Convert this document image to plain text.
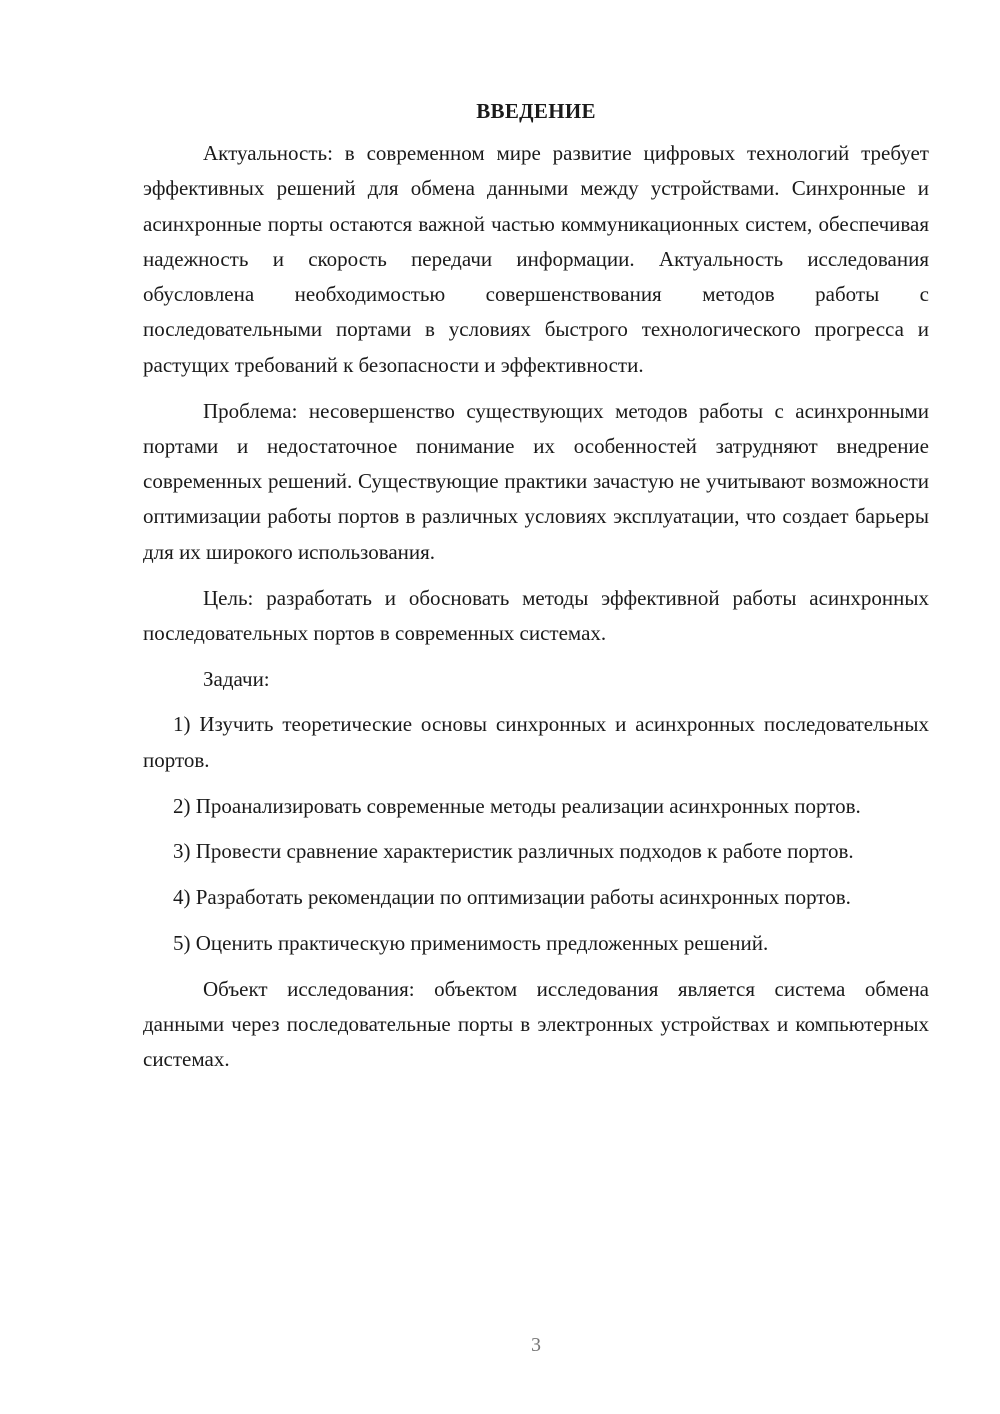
ВВЕДЕНИЕ

Актуальность: в современном мире развитие цифровых технологий требует эффективных решений для обмена данными между устройствами. Синхронные и асинхронные порты остаются важной частью коммуникационных систем, обеспечивая надежность и скорость передачи информации. Актуальность исследования обусловлена необходимостью совершенствования методов работы с последовательными портами в условиях быстрого технологического прогресса и растущих требований к безопасности и эффективности.

Проблема: несовершенство существующих методов работы с асинхронными портами и недостаточное понимание их особенностей затрудняют внедрение современных решений. Существующие практики зачастую не учитывают возможности оптимизации работы портов в различных условиях эксплуатации, что создает барьеры для их широкого использования.

Цель: разработать и обосновать методы эффективной работы асинхронных последовательных портов в современных системах.

Задачи:

1) Изучить теоретические основы синхронных и асинхронных последовательных портов.

2) Проанализировать современные методы реализации асинхронных портов.

3) Провести сравнение характеристик различных подходов к работе портов.

4) Разработать рекомендации по оптимизации работы асинхронных портов.

5) Оценить практическую применимость предложенных решений.

Объект исследования: объектом исследования является система обмена данными через последовательные порты в электронных устройствах и компьютерных системах.

3
